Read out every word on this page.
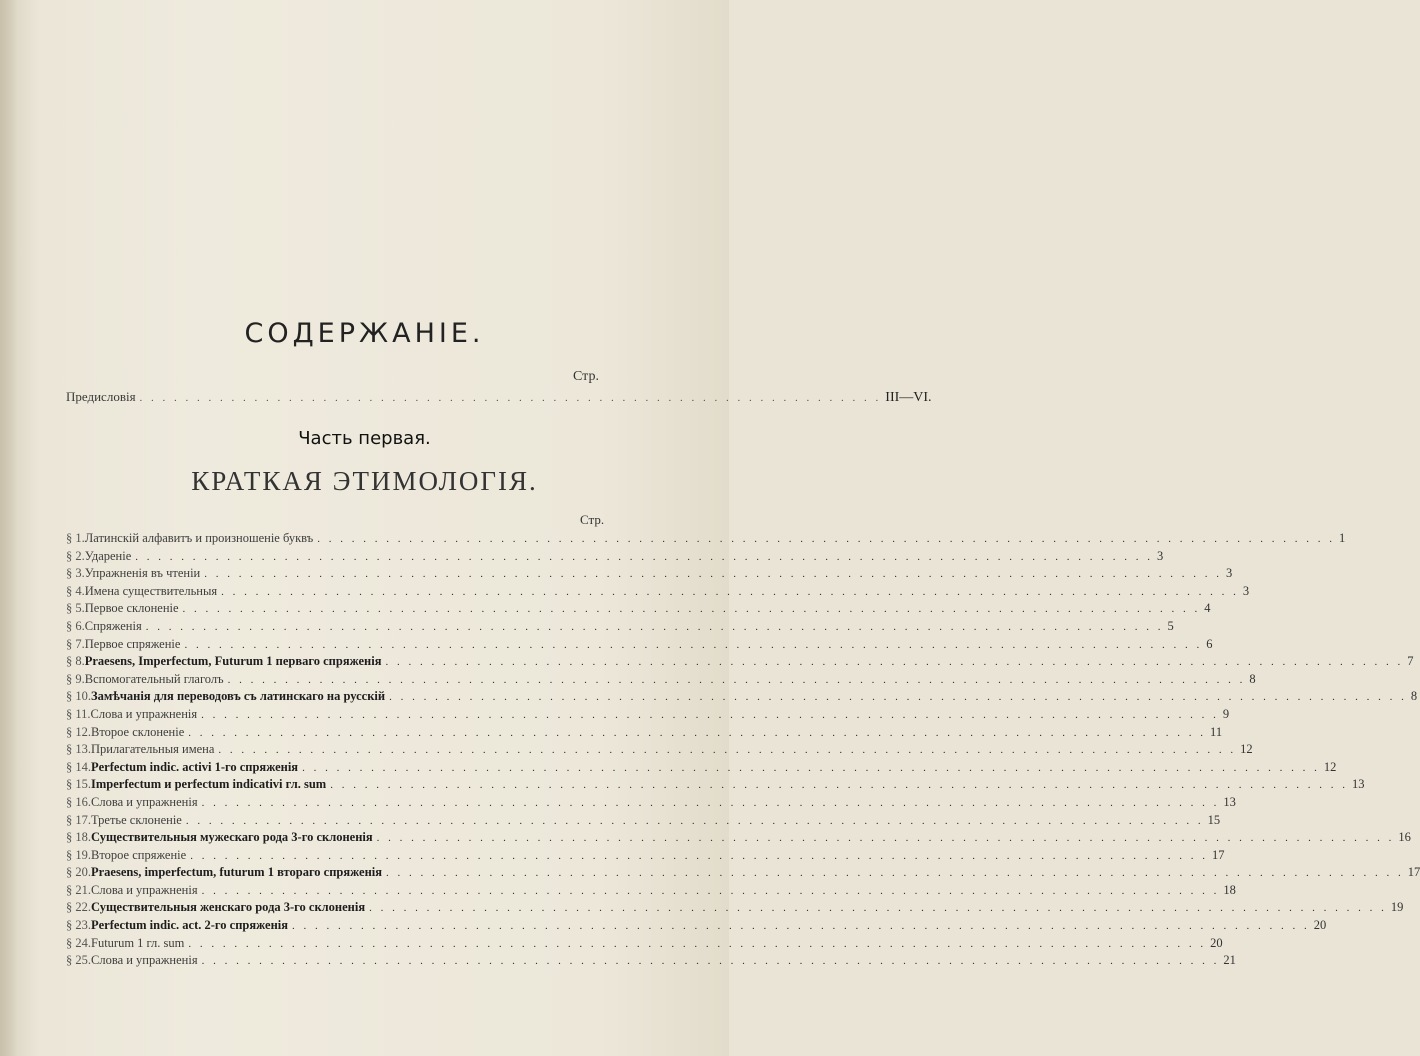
СОДЕРЖАНІЕ.
Стр.
Предисловія . . . . . . . . . . . . . . . . . . . . . . . . . . . . . . . . . . . . . . . . . . . . . . . . . . . . . . . . . . . . . . . . . III—VI.
Часть первая.
КРАТКАЯ ЭТИМОЛОГІЯ.
Стр.
§ 1. Латинскій алфавитъ и произношеніе буквъ . . . . . . . . . . . . . . . . . . . . . . . . . . . . . . . . . . . . . . . . . . . . . . . . . . . . . . . . . . . . . . . . . . . . . . . . . . . . . . . . . . . . . . . . . 1
§ 2. Удареніе . . . . . . . . . . . . . . . . . . . . . . . . . . . . . . . . . . . . . . . . . . . . . . . . . . . . . . . . . . . . . . . . . . . . . . . . . . . . . . . . . . . . . . . . . 3
§ 3. Упражненія въ чтеніи . . . . . . . . . . . . . . . . . . . . . . . . . . . . . . . . . . . . . . . . . . . . . . . . . . . . . . . . . . . . . . . . . . . . . . . . . . . . . . . . . . . . . . . . . 3
§ 4. Имена существительныя . . . . . . . . . . . . . . . . . . . . . . . . . . . . . . . . . . . . . . . . . . . . . . . . . . . . . . . . . . . . . . . . . . . . . . . . . . . . . . . . . . . . . . . . . 3
§ 5. Первое склоненіе . . . . . . . . . . . . . . . . . . . . . . . . . . . . . . . . . . . . . . . . . . . . . . . . . . . . . . . . . . . . . . . . . . . . . . . . . . . . . . . . . . . . . . . . . 4
§ 6. Спряженія . . . . . . . . . . . . . . . . . . . . . . . . . . . . . . . . . . . . . . . . . . . . . . . . . . . . . . . . . . . . . . . . . . . . . . . . . . . . . . . . . . . . . . . . . 5
§ 7. Первое спряженіе . . . . . . . . . . . . . . . . . . . . . . . . . . . . . . . . . . . . . . . . . . . . . . . . . . . . . . . . . . . . . . . . . . . . . . . . . . . . . . . . . . . . . . . . . 6
§ 8. Praesens, Imperfectum, Futurum 1 перваго спряженія . . . . . . . . . . . . . . . . . . . . . . . . . . . . . . . . . . . . . . . . . . . . . . . . . . . . . . . . . . . . . . . . . . . . . . . . . . . . . . . . . . . . . . . . . 7
§ 9. Вспомогательный глаголъ . . . . . . . . . . . . . . . . . . . . . . . . . . . . . . . . . . . . . . . . . . . . . . . . . . . . . . . . . . . . . . . . . . . . . . . . . . . . . . . . . . . . . . . . . 8
§ 10. Замѣчанія для переводовъ съ латинскаго на русскій . . . . . . . . . . . . . . . . . . . . . . . . . . . . . . . . . . . . . . . . . . . . . . . . . . . . . . . . . . . . . . . . . . . . . . . . . . . . . . . . . . . . . . . . . 8
§ 11. Слова и упражненія . . . . . . . . . . . . . . . . . . . . . . . . . . . . . . . . . . . . . . . . . . . . . . . . . . . . . . . . . . . . . . . . . . . . . . . . . . . . . . . . . . . . . . . . . 9
§ 12. Второе склоненіе . . . . . . . . . . . . . . . . . . . . . . . . . . . . . . . . . . . . . . . . . . . . . . . . . . . . . . . . . . . . . . . . . . . . . . . . . . . . . . . . . . . . . . . . . 11
§ 13. Прилагательныя имена . . . . . . . . . . . . . . . . . . . . . . . . . . . . . . . . . . . . . . . . . . . . . . . . . . . . . . . . . . . . . . . . . . . . . . . . . . . . . . . . . . . . . . . . . 12
§ 14. Perfectum indic. activi 1-го спряженія . . . . . . . . . . . . . . . . . . . . . . . . . . . . . . . . . . . . . . . . . . . . . . . . . . . . . . . . . . . . . . . . . . . . . . . . . . . . . . . . . . . . . . . . . 12
§ 15. Imperfectum и perfectum indicativi гл. sum . . . . . . . . . . . . . . . . . . . . . . . . . . . . . . . . . . . . . . . . . . . . . . . . . . . . . . . . . . . . . . . . . . . . . . . . . . . . . . . . . . . . . . . . . 13
§ 16. Слова и упражненія . . . . . . . . . . . . . . . . . . . . . . . . . . . . . . . . . . . . . . . . . . . . . . . . . . . . . . . . . . . . . . . . . . . . . . . . . . . . . . . . . . . . . . . . . 13
§ 17. Третье склоненіе . . . . . . . . . . . . . . . . . . . . . . . . . . . . . . . . . . . . . . . . . . . . . . . . . . . . . . . . . . . . . . . . . . . . . . . . . . . . . . . . . . . . . . . . . 15
§ 18. Существительныя мужескаго рода 3-го склоненія . . . . . . . . . . . . . . . . . . . . . . . . . . . . . . . . . . . . . . . . . . . . . . . . . . . . . . . . . . . . . . . . . . . . . . . . . . . . . . . . . . . . . . . . . 16
§ 19. Второе спряженіе . . . . . . . . . . . . . . . . . . . . . . . . . . . . . . . . . . . . . . . . . . . . . . . . . . . . . . . . . . . . . . . . . . . . . . . . . . . . . . . . . . . . . . . . . 17
§ 20. Praesens, imperfectum, futurum 1 втораго спряженія . . . . . . . . . . . . . . . . . . . . . . . . . . . . . . . . . . . . . . . . . . . . . . . . . . . . . . . . . . . . . . . . . . . . . . . . . . . . . . . . . . . . . . . . . 17
§ 21. Слова и упражненія . . . . . . . . . . . . . . . . . . . . . . . . . . . . . . . . . . . . . . . . . . . . . . . . . . . . . . . . . . . . . . . . . . . . . . . . . . . . . . . . . . . . . . . . . 18
§ 22. Существительныя женскаго рода 3-го склоненія . . . . . . . . . . . . . . . . . . . . . . . . . . . . . . . . . . . . . . . . . . . . . . . . . . . . . . . . . . . . . . . . . . . . . . . . . . . . . . . . . . . . . . . . . 19
§ 23. Perfectum indic. act. 2-го спряженія . . . . . . . . . . . . . . . . . . . . . . . . . . . . . . . . . . . . . . . . . . . . . . . . . . . . . . . . . . . . . . . . . . . . . . . . . . . . . . . . . . . . . . . . . 20
§ 24. Futurum 1 гл. sum . . . . . . . . . . . . . . . . . . . . . . . . . . . . . . . . . . . . . . . . . . . . . . . . . . . . . . . . . . . . . . . . . . . . . . . . . . . . . . . . . . . . . . . . . 20
§ 25. Слова и упражненія . . . . . . . . . . . . . . . . . . . . . . . . . . . . . . . . . . . . . . . . . . . . . . . . . . . . . . . . . . . . . . . . . . . . . . . . . . . . . . . . . . . . . . . . . 21
